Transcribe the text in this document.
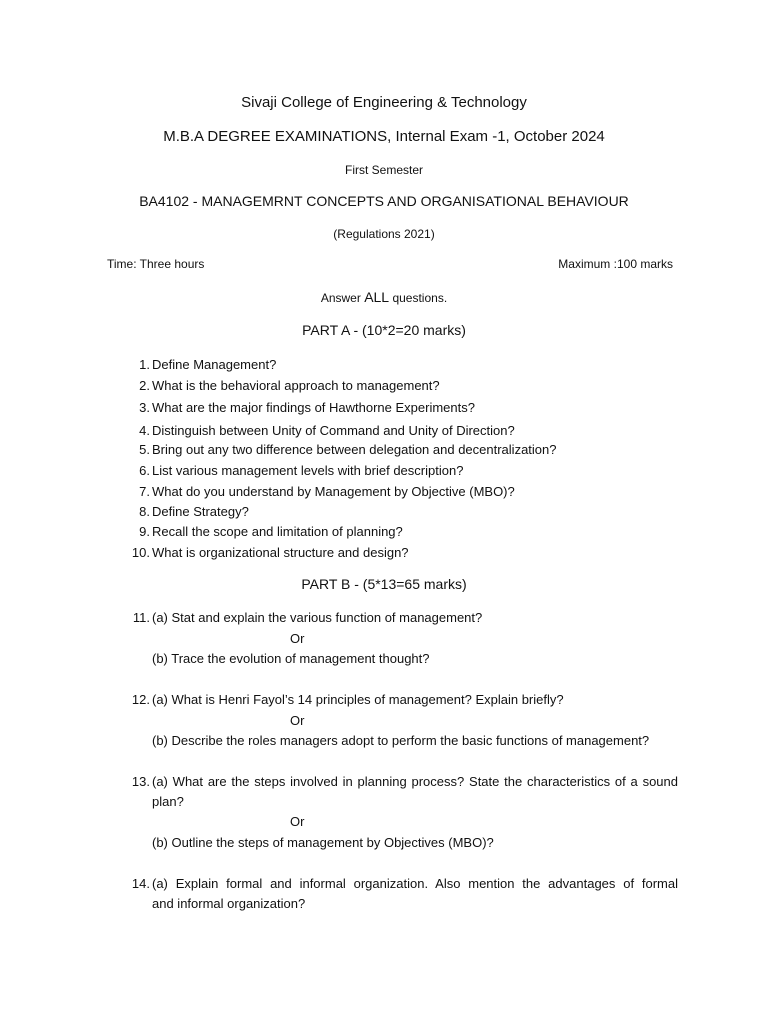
Sivaji College of Engineering & Technology
M.B.A DEGREE EXAMINATIONS, Internal Exam -1, October 2024
First Semester
BA4102 - MANAGEMRNT CONCEPTS AND ORGANISATIONAL BEHAVIOUR
(Regulations 2021)
Time: Three hours	Maximum :100 marks
Answer ALL questions.
PART A - (10*2=20 marks)
1. Define Management?
2. What is the behavioral approach to management?
3. What are the major findings of Hawthorne Experiments?
4. Distinguish between Unity of Command and Unity of Direction?
5. Bring out any two difference between delegation and decentralization?
6. List various management levels with brief description?
7. What do you understand by Management by Objective (MBO)?
8. Define Strategy?
9. Recall the scope and limitation of planning?
10. What is organizational structure and design?
PART B - (5*13=65 marks)
11. (a) Stat and explain the various function of management?
Or
(b) Trace the evolution of management thought?
12. (a) What is Henri Fayol’s 14 principles of management? Explain briefly?
Or
(b) Describe the roles managers adopt to perform the basic functions of management?
13. (a) What are the steps involved in planning process? State the characteristics of a sound
plan?
Or
(b) Outline the steps of management by Objectives (MBO)?
14. (a) Explain formal and informal organization. Also mention the advantages of formal
and informal organization?
